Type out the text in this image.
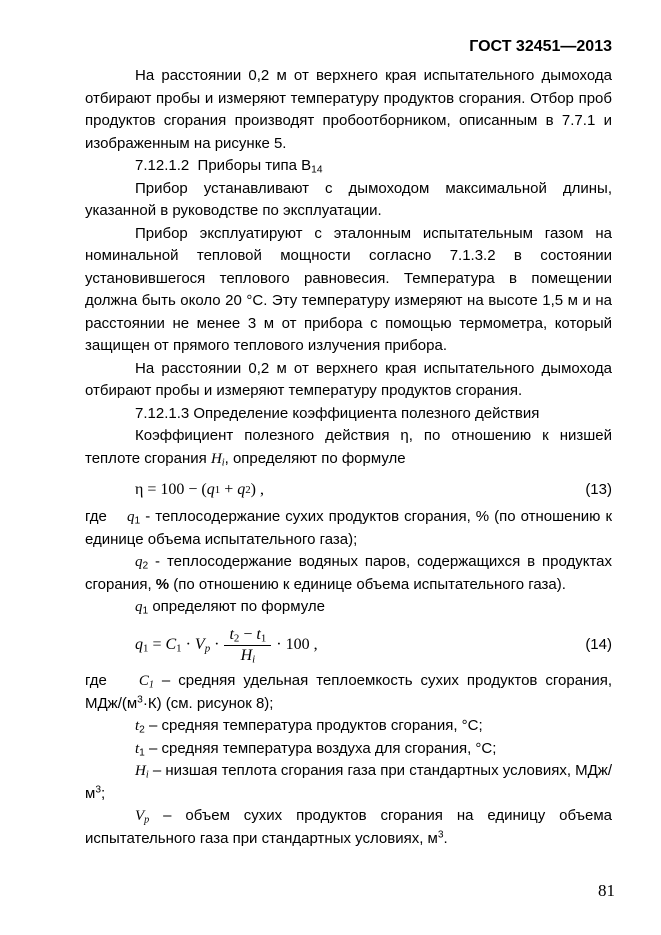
ГОСТ 32451—2013

На расстоянии 0,2 м от верхнего края испытательного дымохода отбирают пробы и измеряют температуру продуктов сгорания. Отбор проб продуктов сгорания производят пробоотборником, описанным в 7.7.1 и изображенным на рисунке 5.

7.12.1.2  Приборы типа $В_{14}$

Прибор устанавливают с дымоходом максимальной длины, указанной в руководстве по эксплуатации.

Прибор эксплуатируют с эталонным испытательным газом на номинальной тепловой мощности согласно 7.1.3.2 в состоянии установившегося теплового равновесия. Температура в помещении должна быть около 20 °С. Эту температуру измеряют на высоте 1,5 м и на расстоянии не менее 3 м от прибора с помощью термометра, который защищен от прямого теплового излучения прибора.

На расстоянии 0,2 м от верхнего края испытательного дымохода отбирают пробы и измеряют температуру продуктов сгорания.

7.12.1.3 Определение коэффициента полезного действия

Коэффициент полезного действия η, по отношению к низшей теплоте сгорания Hi, определяют по формуле

η = 100 − ( q 1 + q 2 ) ,	(13)

где    $q_1$ - теплосодержание сухих продуктов сгорания, % (по отношению к единице объема испытательного газа);

$q_2$ - теплосодержание водяных паров, содержащихся в продуктах сгорания, % (по отношению к единице объема испытательного газа).

$q_1$ определяют по формуле

$q_1 = C_1 \cdot Vp \cdot \frac{t_2 - t_1}{Hi} \cdot 100$ ,	(14)

где    C1 – средняя удельная теплоемкость сухих продуктов сгорания, МДж/$(м^3\cdot К)$ (см. рисунок 8);

$t_2$ – средняя температура продуктов сгорания, °С;

$t_1$ – средняя температура воздуха для сгорания, °С;

Hi – низшая теплота сгорания газа при стандартных условиях, МДж/$м^3$;

Vp – объем сухих продуктов сгорания на единицу объема испытательного газа при стандартных условиях, $м^3$.

81
